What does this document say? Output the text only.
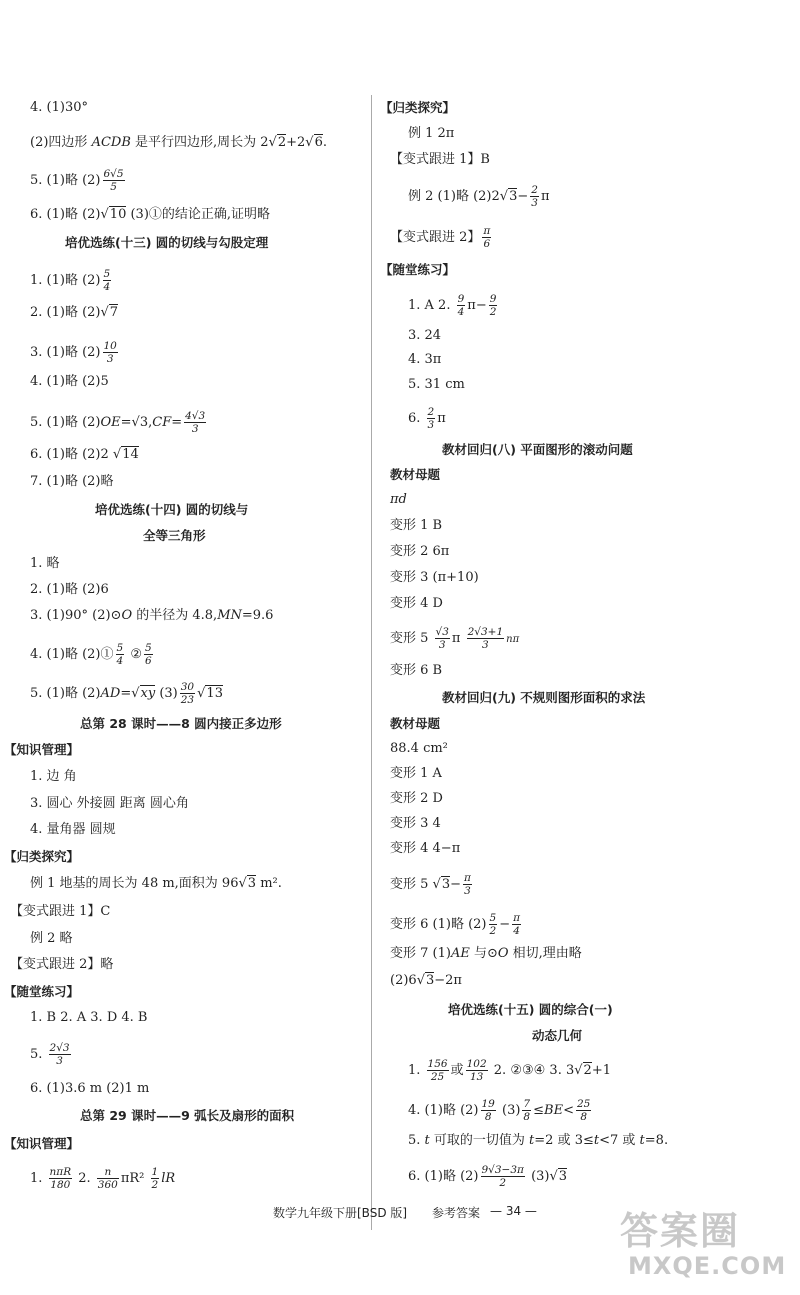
4. (1)30°
(2)四边形 ACDB 是平行四边形,周长为 2√2+2√6.
5. (1)略 $(2) \frac{6√5}{5}$
6. (1)略 (2)√10 (3)①的结论正确,证明略
培优选练(十三) 圆的切线与勾股定理
1. (1)略 $(2) \frac{5}{4}$
2. (1)略 (2)√7
3. (1)略 $(2) \frac{10}{3}$
4. (1)略 (2)5
5. (1)略 $(2)OE=√3,CF= \frac{4√3}{3}$
6. (1)略 (2)2 √14
7. (1)略 (2)略
培优选练(十四) 圆的切线与
全等三角形
1. 略
2. (1)略 (2)6
3. (1)90° (2)⊙O 的半径为 4.8,MN=9.6
4. (1)略 (2)① $\frac{5}{4}$ ② $\frac{5}{6}$
5. (1)略 (2)AD=√xy $(3) \frac{30}{23} √13$
总第 28 课时——8 圆内接正多边形
【知识管理】
1. 边 角
3. 圆心 外接圆 距离 圆心角
4. 量角器 圆规
【归类探究】
例 1 地基的周长为 48 m,面积为 96√3 m².
【变式跟进 1】C
例 2 略
【变式跟进 2】略
【随堂练习】
1. B 2. A 3. D 4. B
5. $\frac{2√3}{3}$
6. (1)3.6 m (2)1 m
总第 29 课时——9 弧长及扇形的面积
【知识管理】
1. $\frac{\text{nπR}}{180} 2$. $\frac{n}{360} \pi R^2 \frac{1}{2}$ lR
【归类探究】
例 1 2π
【变式跟进 1】B
例 2 (1)略 $(2)2√3- \frac{2}{3}$ π
【变式跟进 2】 $\frac{\pi}{6}$
【随堂练习】
1. A 2. $\frac{9}{4} \pi- \frac{9}{2}$
3. 24
4. 3π
5. 31 cm
6. $\frac{2}{3}$ π
教材回归(八) 平面图形的滚动问题
教材母题
πd
变形 1 B
变形 2 6π
变形 3 (π+10)
变形 4 D
变形 $5 \frac{√3}{3}$ π $\frac{2√3+1}{3}$ nπ
变形 6 B
教材回归(九) 不规则图形面积的求法
教材母题
88.4 cm²
变形 1 A
变形 2 D
变形 3 4
变形 4 4−π
变形 5 $√3- \frac{\pi}{3}$
变形 6 (1)略 $(2) \frac{5}{2} - \frac{\pi}{4}$
变形 7 (1)AE 与⊙O 相切,理由略
(2)6√3−2π
培优选练(十五) 圆的综合(一)
动态几何
1. $\frac{156}{25}$ 或 $\frac{102}{13} 2$. ②③④ 3. 3√2+1
4. (1)略 $(2) \frac{19}{8} (3) \frac{7}{8} \le BE< \frac{25}{8}$
5. t 可取的一切值为 t=2 或 3≤t<7 或 t=8.
6. (1)略 $(2) \frac{9√3-3\pi}{2} (3)√3$
数学九年级下册[BSD 版] 参考答案 — 34 — 答案圈
MXQE.COM
